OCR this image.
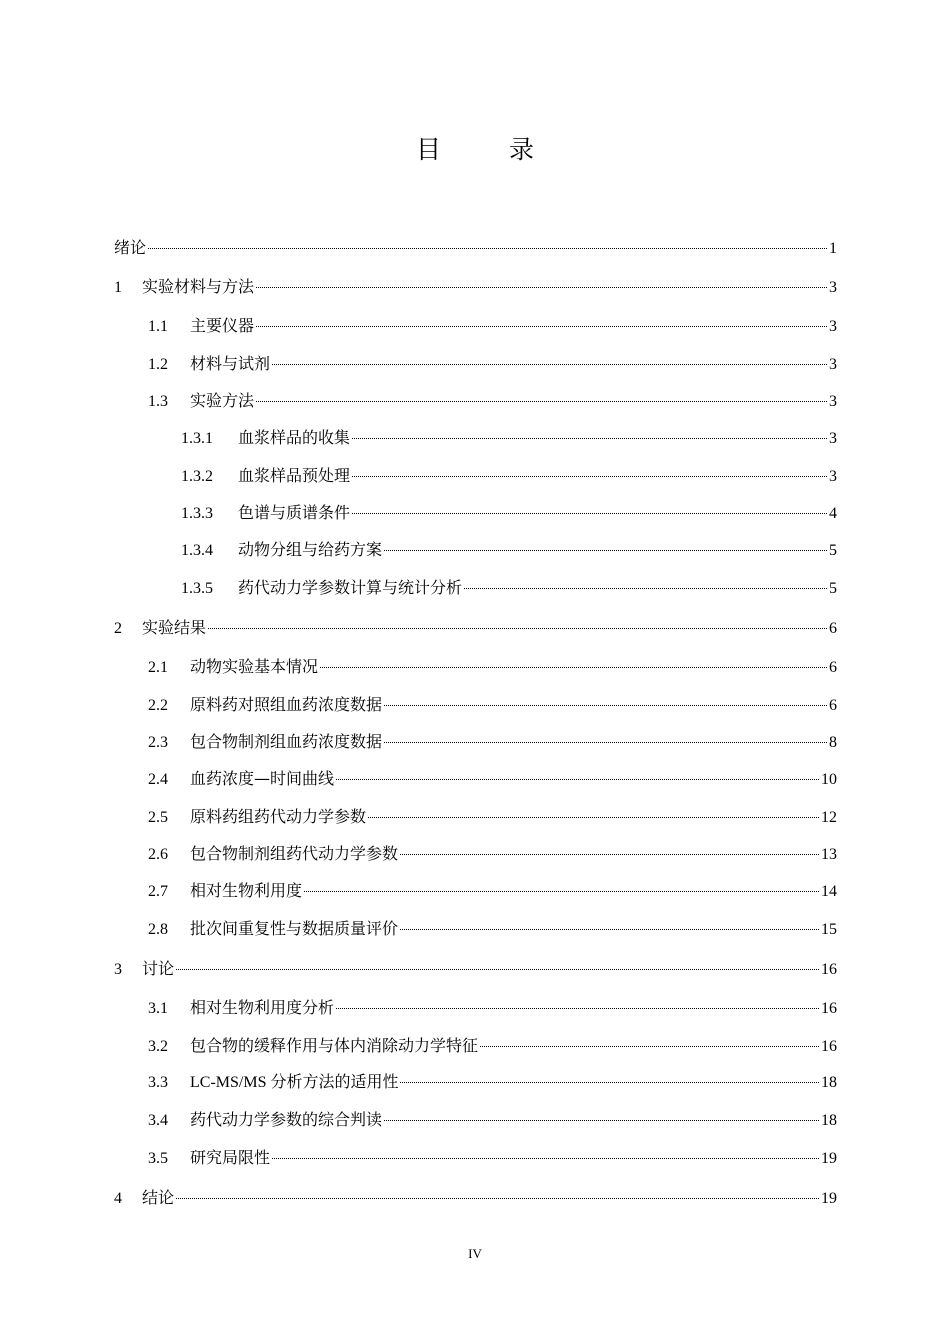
目 录
绪论	1
1	实验材料与方法	3
1.1	主要仪器	3
1.2	材料与试剂	3
1.3	实验方法	3
1.3.1	血浆样品的收集	3
1.3.2	血浆样品预处理	3
1.3.3	色谱与质谱条件	4
1.3.4	动物分组与给药方案	5
1.3.5	药代动力学参数计算与统计分析	5
2	实验结果	6
2.1	动物实验基本情况	6
2.2	原料药对照组血药浓度数据	6
2.3	包合物制剂组血药浓度数据	8
2.4	血药浓度—时间曲线	10
2.5	原料药组药代动力学参数	12
2.6	包合物制剂组药代动力学参数	13
2.7	相对生物利用度	14
2.8	批次间重复性与数据质量评价	15
3	讨论	16
3.1	相对生物利用度分析	16
3.2	包合物的缓释作用与体内消除动力学特征	16
3.3	LC-MS/MS 分析方法的适用性	18
3.4	药代动力学参数的综合判读	18
3.5	研究局限性	19
4	结论	19
IV
